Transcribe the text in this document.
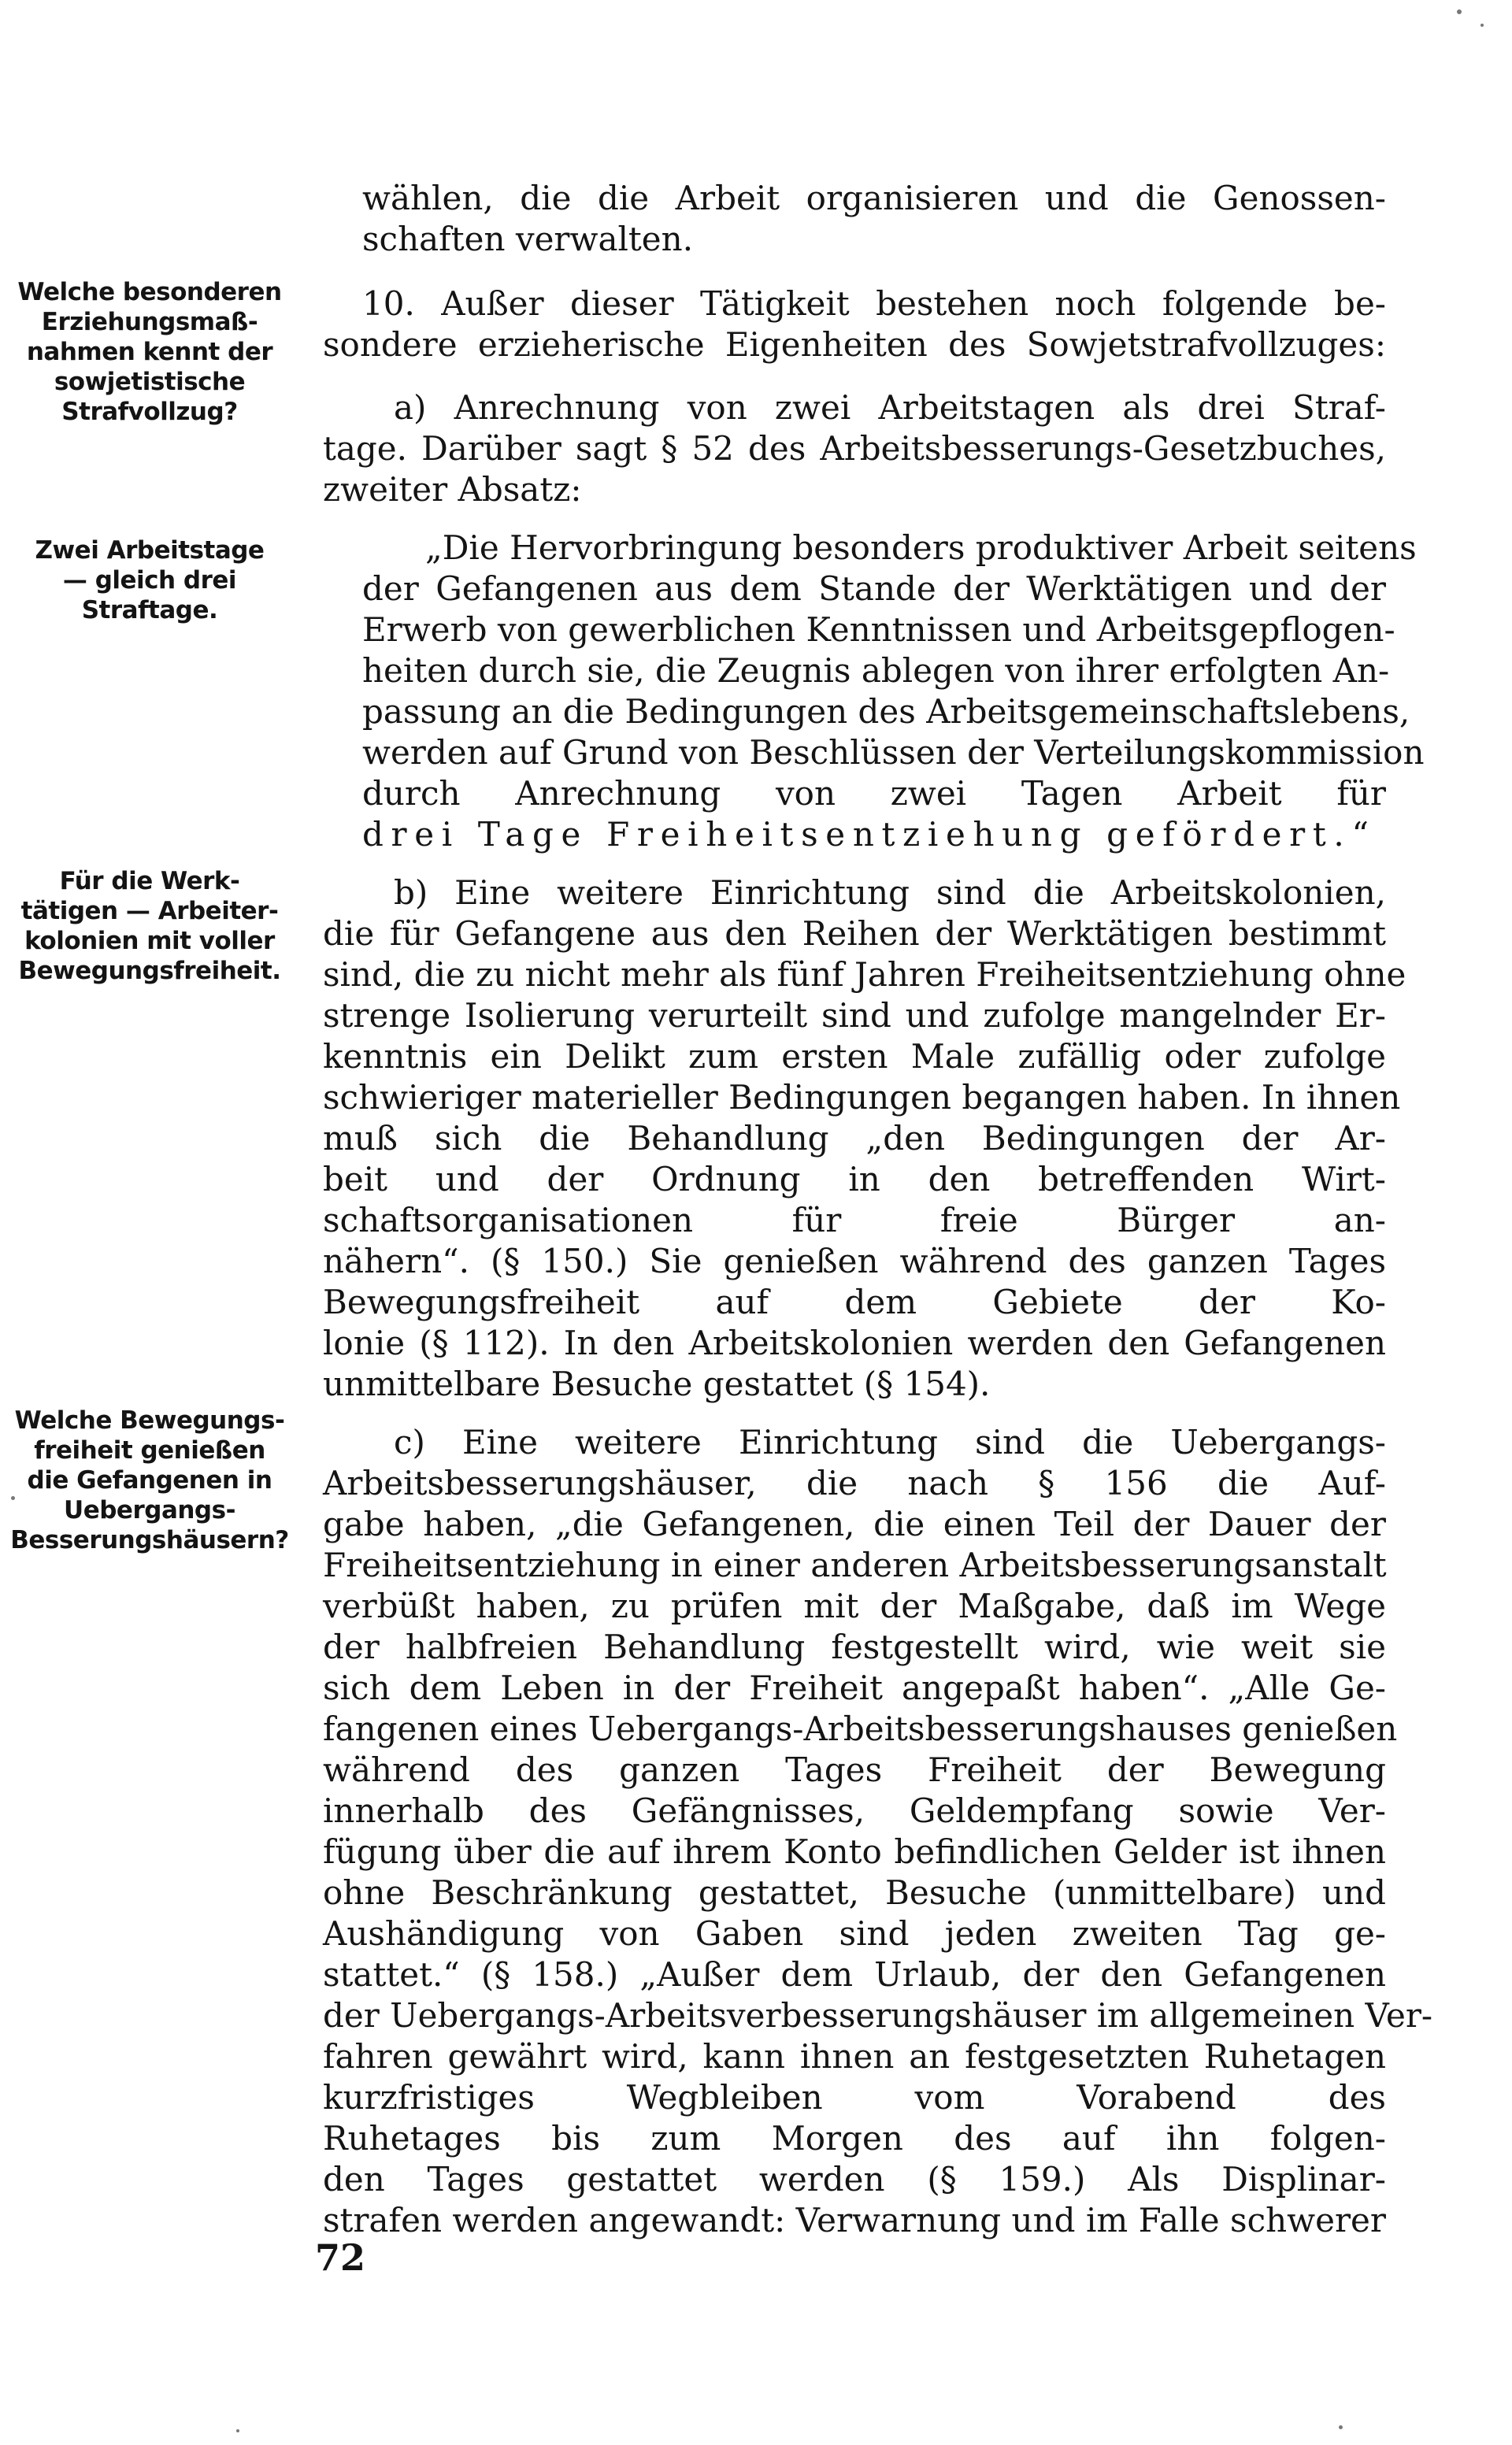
Welche besonderen
Erziehungsmaß-
nahmen kennt der
sowjetistische
Strafvollzug?
Zwei Arbeitstage
— gleich drei
Straftage.
Für die Werk-
tätigen — Arbeiter-
kolonien mit voller
Bewegungsfreiheit.
Welche Bewegungs-
freiheit genießen
die Gefangenen in
Uebergangs-
Besserungshäusern?
wählen, die die Arbeit organisieren und die Genossen-
schaften verwalten.
10. Außer dieser Tätigkeit bestehen noch folgende be-
sondere erzieherische Eigenheiten des Sowjetstrafvollzuges:
a) Anrechnung von zwei Arbeitstagen als drei Straf-
tage. Darüber sagt § 52 des Arbeitsbesserungs-Gesetzbuches,
zweiter Absatz:
„Die Hervorbringung besonders produktiver Arbeit seitens
der Gefangenen aus dem Stande der Werktätigen und der
Erwerb von gewerblichen Kenntnissen und Arbeitsgepflogen-
heiten durch sie, die Zeugnis ablegen von ihrer erfolgten An-
passung an die Bedingungen des Arbeitsgemeinschaftslebens,
werden auf Grund von Beschlüssen der Verteilungskommission
durch Anrechnung von zwei Tagen Arbeit für
drei Tage Freiheitsentziehung gefördert.“
b) Eine weitere Einrichtung sind die Arbeitskolonien,
die für Gefangene aus den Reihen der Werktätigen bestimmt
sind, die zu nicht mehr als fünf Jahren Freiheitsentziehung ohne
strenge Isolierung verurteilt sind und zufolge mangelnder Er-
kenntnis ein Delikt zum ersten Male zufällig oder zufolge
schwieriger materieller Bedingungen begangen haben. In ihnen
muß sich die Behandlung „den Bedingungen der Ar-
beit und der Ordnung in den betreffenden Wirt-
schaftsorganisationen für freie Bürger an-
nähern“. (§ 150.) Sie genießen während des ganzen Tages
Bewegungsfreiheit auf dem Gebiete der Ko-
lonie (§ 112). In den Arbeitskolonien werden den Gefangenen
unmittelbare Besuche gestattet (§ 154).
c) Eine weitere Einrichtung sind die Uebergangs-
Arbeitsbesserungshäuser, die nach § 156 die Auf-
gabe haben, „die Gefangenen, die einen Teil der Dauer der
Freiheitsentziehung in einer anderen Arbeitsbesserungsanstalt
verbüßt haben, zu prüfen mit der Maßgabe, daß im Wege
der halbfreien Behandlung festgestellt wird, wie weit sie
sich dem Leben in der Freiheit angepaßt haben“. „Alle Ge-
fangenen eines Uebergangs-Arbeitsbesserungshauses genießen
während des ganzen Tages Freiheit der Bewegung
innerhalb des Gefängnisses, Geldempfang sowie Ver-
fügung über die auf ihrem Konto befindlichen Gelder ist ihnen
ohne Beschränkung gestattet, Besuche (unmittelbare) und
Aushändigung von Gaben sind jeden zweiten Tag ge-
stattet.“ (§ 158.) „Außer dem Urlaub, der den Gefangenen
der Uebergangs-Arbeitsverbesserungshäuser im allgemeinen Ver-
fahren gewährt wird, kann ihnen an festgesetzten Ruhetagen
kurzfristiges Wegbleiben vom Vorabend des
Ruhetages bis zum Morgen des auf ihn folgen-
den Tages gestattet werden (§ 159.) Als Displinar-
strafen werden angewandt: Verwarnung und im Falle schwerer
72
